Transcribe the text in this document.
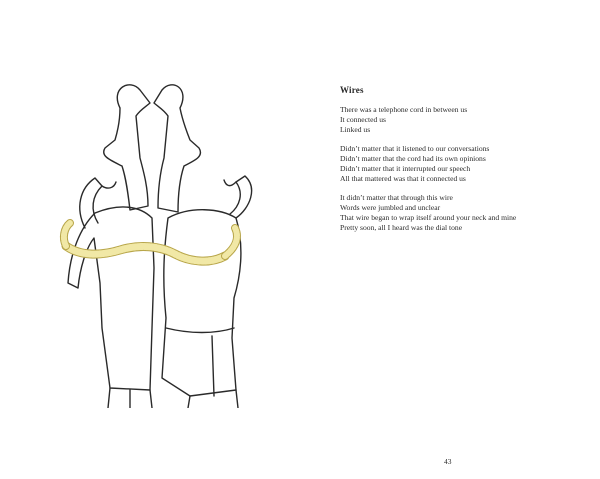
Wires
There was a telephone cord in between us
It connected us
Linked us
Didn’t matter that it listened to our conversations
Didn’t matter that the cord had its own opinions
Didn’t matter that it interrupted our speech
All that mattered was that it connected us
It didn’t matter that through this wire
Words were jumbled and unclear
That wire began to wrap itself around your neck and mine
Pretty soon, all I heard was the dial tone
43
